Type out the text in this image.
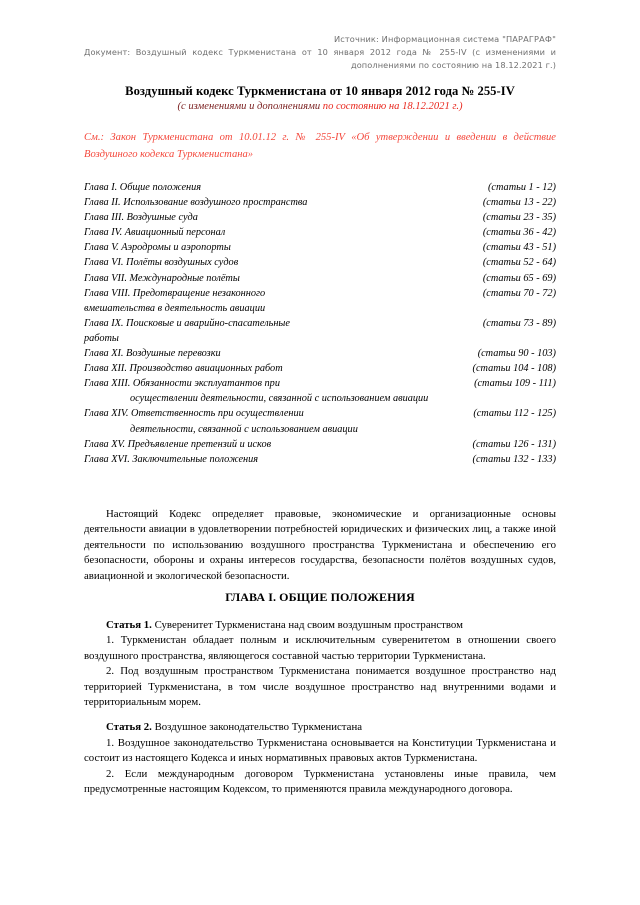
Источник: Информационная система "ПАРАГРАФ"
Документ: Воздушный кодекс Туркменистана от 10 января 2012 года № 255-IV (с изменениями и дополнениями по состоянию на 18.12.2021 г.)
Воздушный кодекс Туркменистана от 10 января 2012 года № 255-IV
(с изменениями и дополнениями по состоянию на 18.12.2021 г.)
См.: Закон Туркменистана от 10.01.12 г. № 255-IV «Об утверждении и введении в действие Воздушного кодекса Туркменистана»
Глава I. Общие положения	(статьи 1 - 12)
Глава II. Использование воздушного пространства	(статьи 13 - 22)
Глава III. Воздушные суда	(статьи 23 - 35)
Глава IV. Авиационный персонал	(статьи 36 - 42)
Глава V. Аэродромы и аэропорты	(статьи 43 - 51)
Глава VI. Полёты воздушных судов	(статьи 52 - 64)
Глава VII. Международные полёты	(статьи 65 - 69)
Глава VIII. Предотвращение незаконного	(статьи 70 - 72)
вмешательства в деятельность авиации
Глава IX. Поисковые и аварийно-спасательные	(статьи 73 - 89)
работы
Глава XI. Воздушные перевозки	(статьи 90 - 103)
Глава XII. Производство авиационных работ	(статьи 104 - 108)
Глава XIII. Обязанности эксплуатантов при	(статьи 109 - 111)
осуществлении деятельности, связанной с использованием авиации
Глава XIV. Ответственность при осуществлении	(статьи 112 - 125)
деятельности, связанной с использованием авиации
Глава XV. Предъявление претензий и исков	(статьи 126 - 131)
Глава XVI. Заключительные положения	(статьи 132 - 133)
Настоящий Кодекс определяет правовые, экономические и организационные основы деятельности авиации в удовлетворении потребностей юридических и физических лиц, а также иной деятельности по использованию воздушного пространства Туркменистана и обеспечению его безопасности, обороны и охраны интересов государства, безопасности полётов воздушных судов, авиационной и экологической безопасности.
ГЛАВА I. ОБЩИЕ ПОЛОЖЕНИЯ
Статья 1. Суверенитет Туркменистана над своим воздушным пространством

1. Туркменистан обладает полным и исключительным суверенитетом в отношении своего воздушного пространства, являющегося составной частью территории Туркменистана.

2. Под воздушным пространством Туркменистана понимается воздушное пространство над территорией Туркменистана, в том числе воздушное пространство над внутренними водами и территориальным морем.

Статья 2. Воздушное законодательство Туркменистана

1. Воздушное законодательство Туркменистана основывается на Конституции Туркменистана и состоит из настоящего Кодекса и иных нормативных правовых актов Туркменистана.

2. Если международным договором Туркменистана установлены иные правила, чем предусмотренные настоящим Кодексом, то применяются правила международного договора.
